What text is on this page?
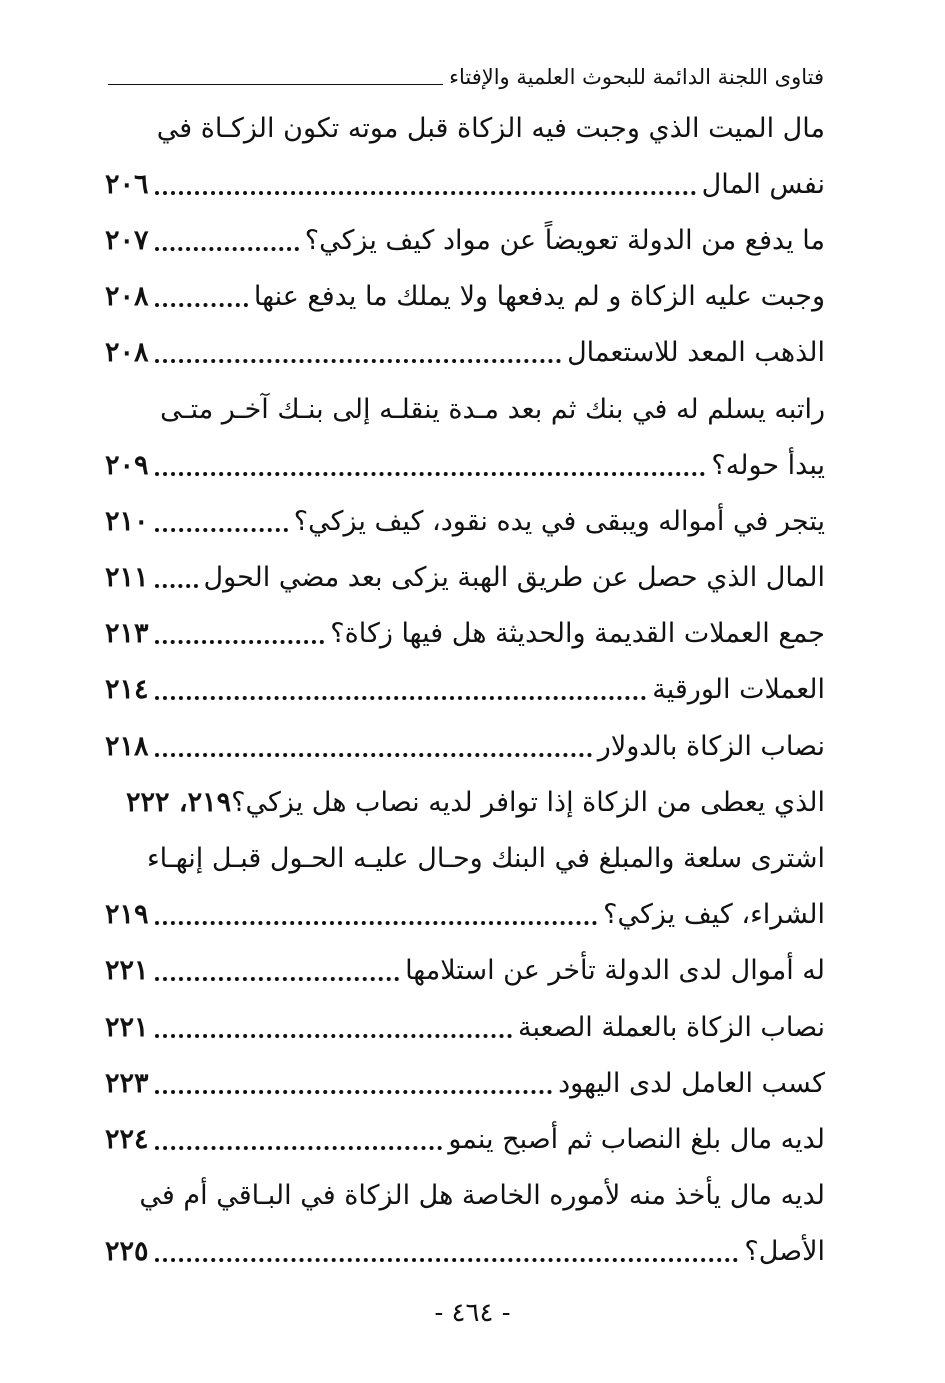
فتاوى اللجنة الدائمة للبحوث العلمية والإفتاء
مال الميت الذي وجبت فيه الزكاة قبل موته تكون الزكـاة في
نفس المال
٢٠٦
ما يدفع من الدولة تعويضاً عن مواد كيف يزكي؟
٢٠٧
وجبت عليه الزكاة و لم يدفعها ولا يملك ما يدفع عنها
٢٠٨
الذهب المعد للاستعمال
٢٠٨
راتبه يسلم له في بنك ثم بعد مـدة ينقلـه إلى بنـك آخـر متـى
يبدأ حوله؟
٢٠٩
يتجر في أمواله ويبقى في يده نقود، كيف يزكي؟
٢١٠
المال الذي حصل عن طريق الهبة يزكى بعد مضي الحول
٢١١
جمع العملات القديمة والحديثة هل فيها زكاة؟
٢١٣
العملات الورقية
٢١٤
نصاب الزكاة بالدولار
٢١٨
الذي يعطى من الزكاة إذا توافر لديه نصاب هل يزكي؟
٢١٩، ٢٢٢
اشترى سلعة والمبلغ في البنك وحـال عليـه الحـول قبـل إنهـاء
الشراء، كيف يزكي؟
٢١٩
له أموال لدى الدولة تأخر عن استلامها
٢٢١
نصاب الزكاة بالعملة الصعبة
٢٢١
كسب العامل لدى اليهود
٢٢٣
لديه مال بلغ النصاب ثم أصبح ينمو
٢٢٤
لديه مال يأخذ منه لأموره الخاصة هل الزكاة في البـاقي أم في
الأصل؟
٢٢٥
- ٤٦٤ -
